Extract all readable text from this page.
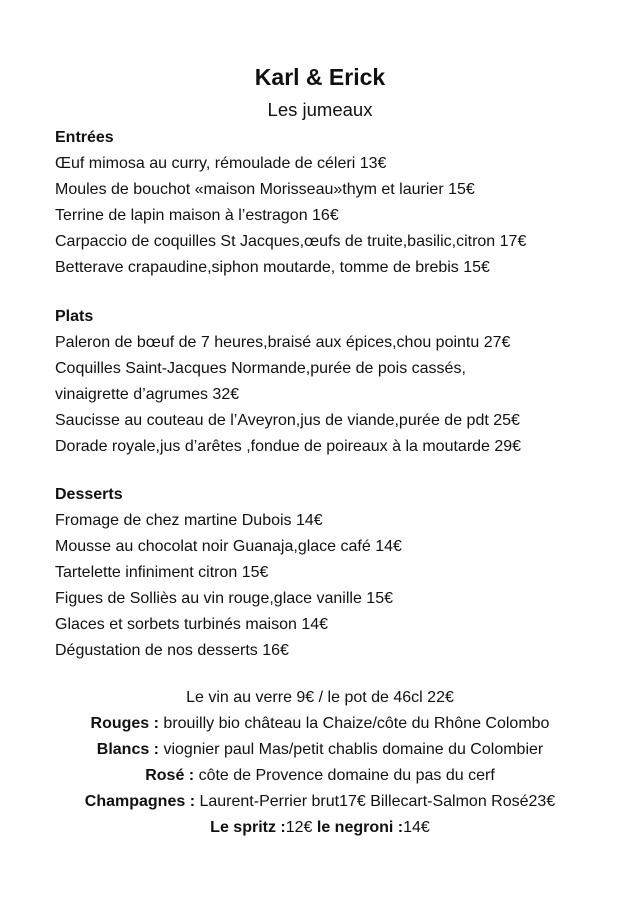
Karl & Erick
Les jumeaux
Entrées
Œuf mimosa au curry, rémoulade de céleri 13€
Moules de bouchot «maison Morisseau»thym et laurier 15€
Terrine de lapin maison à l’estragon 16€
Carpaccio de coquilles St Jacques,œufs de truite,basilic,citron 17€
Betterave crapaudine,siphon moutarde, tomme de brebis 15€
Plats
Paleron de bœuf de 7 heures,braisé aux épices,chou pointu 27€
Coquilles Saint-Jacques Normande,purée de pois cassés,
vinaigrette d’agrumes 32€
Saucisse au couteau de l’Aveyron,jus de viande,purée de pdt 25€
Dorade royale,jus d’arêtes ,fondue de poireaux à la moutarde 29€
Desserts
Fromage de chez martine Dubois 14€
Mousse au chocolat noir Guanaja,glace café 14€
Tartelette infiniment citron 15€
Figues de Solliès au vin rouge,glace vanille 15€
Glaces et sorbets turbinés maison 14€
Dégustation de nos desserts 16€
Le vin au verre 9€ / le pot de 46cl 22€
Rouges : brouilly bio château la Chaize/côte du Rhône Colombo
Blancs : viognier paul Mas/petit chablis domaine du Colombier
Rosé : côte de Provence domaine du pas du cerf
Champagnes : Laurent-Perrier brut17€ Billecart-Salmon Rosé23€
Le spritz :12€ le negroni :14€
